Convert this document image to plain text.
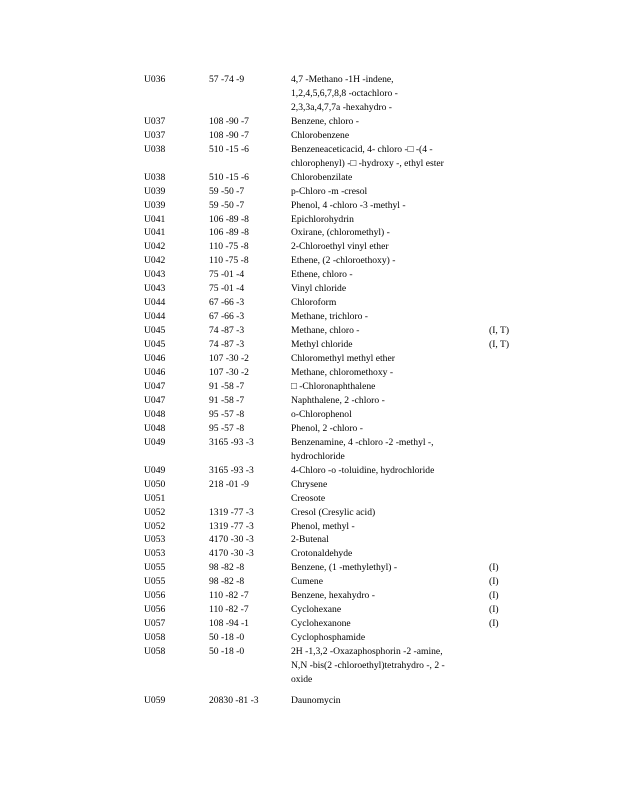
U036	57 -74 -9	4,7 -Methano -1H -indene,
1,2,4,5,6,7,8,8 -octachloro -
2,3,3a,4,7,7a -hexahydro -	

U037	108 -90 -7	Benzene, chloro -	

U037	108 -90 -7	Chlorobenzene	

U038	510 -15 -6	Benzeneaceticacid, 4- chloro -□ -(4 -
chlorophenyl) -□ -hydroxy -, ethyl ester	

U038	510 -15 -6	Chlorobenzilate	

U039	59 -50 -7	p-Chloro -m -cresol	

U039	59 -50 -7	Phenol, 4 -chloro -3 -methyl -	

U041	106 -89 -8	Epichlorohydrin	

U041	106 -89 -8	Oxirane, (chloromethyl) -	

U042	110 -75 -8	2-Chloroethyl vinyl ether	

U042	110 -75 -8	Ethene, (2 -chloroethoxy) -	

U043	75 -01 -4	Ethene, chloro -	

U043	75 -01 -4	Vinyl chloride	

U044	67 -66 -3	Chloroform	

U044	67 -66 -3	Methane, trichloro -	

U045	74 -87 -3	Methane, chloro -	(I, T)
U045	74 -87 -3	Methyl chloride	(I, T)
U046	107 -30 -2	Chloromethyl methyl ether	

U046	107 -30 -2	Methane, chloromethoxy -	

U047	91 -58 -7	□ -Chloronaphthalene	

U047	91 -58 -7	Naphthalene, 2 -chloro -	

U048	95 -57 -8	o-Chlorophenol	

U048	95 -57 -8	Phenol, 2 -chloro -	

U049	3165 -93 -3	Benzenamine, 4 -chloro -2 -methyl -,
hydrochloride	

U049	3165 -93 -3	4-Chloro -o -toluidine, hydrochloride	

U050	218 -01 -9	Chrysene	

U051		Creosote	

U052	1319 -77 -3	Cresol (Cresylic acid)	

U052	1319 -77 -3	Phenol, methyl -	

U053	4170 -30 -3	2-Butenal	

U053	4170 -30 -3	Crotonaldehyde	

U055	98 -82 -8	Benzene, (1 -methylethyl) -	(I)
U055	98 -82 -8	Cumene	(I)
U056	110 -82 -7	Benzene, hexahydro -	(I)
U056	110 -82 -7	Cyclohexane	(I)
U057	108 -94 -1	Cyclohexanone	(I)
U058	50 -18 -0	Cyclophosphamide	

U058	50 -18 -0	2H -1,3,2 -Oxazaphosphorin -2 -amine,
N,N -bis(2 -chloroethyl)tetrahydro -, 2 -
oxide	

U059	20830 -81 -3	Daunomycin	
